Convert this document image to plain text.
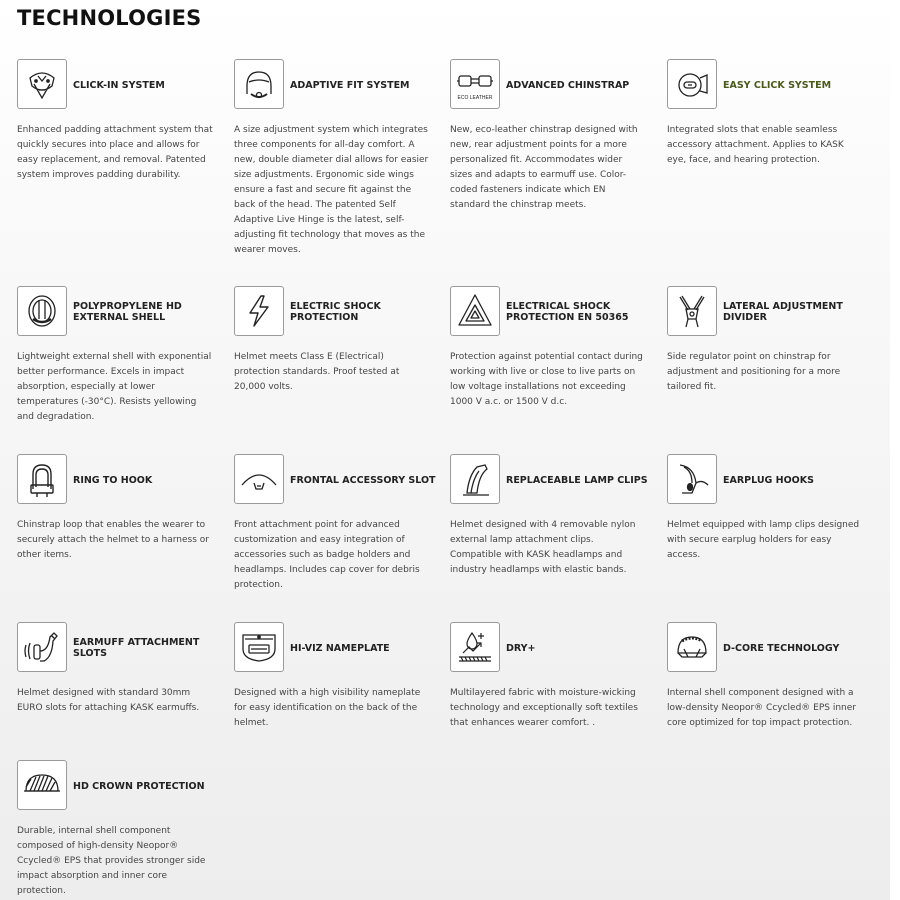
TECHNOLOGIES
CLICK-IN SYSTEM
Enhanced padding attachment system that quickly secures into place and allows for easy replacement, and removal. Patented system improves padding durability.
ADAPTIVE FIT SYSTEM
A size adjustment system which integrates three components for all-day comfort. A new, double diameter dial allows for easier size adjustments. Ergonomic side wings ensure a fast and secure fit against the back of the head. The patented Self Adaptive Live Hinge is the latest, self-adjusting fit technology that moves as the wearer moves.
ECO LEATHER
ADVANCED CHINSTRAP
New, eco-leather chinstrap designed with new, rear adjustment points for a more personalized fit. Accommodates wider sizes and adapts to earmuff use. Color-coded fasteners indicate which EN standard the chinstrap meets.
EASY CLICK SYSTEM
Integrated slots that enable seamless accessory attachment. Applies to KASK eye, face, and hearing protection.
POLYPROPYLENE HD EXTERNAL SHELL
Lightweight external shell with exponential better performance. Excels in impact absorption, especially at lower temperatures (-30°C). Resists yellowing and degradation.
ELECTRIC SHOCK PROTECTION
Helmet meets Class E (Electrical) protection standards. Proof tested at 20,000 volts.
ELECTRICAL SHOCK PROTECTION EN 50365
Protection against potential contact during working with live or close to live parts on low voltage installations not exceeding 1000 V a.c. or 1500 V d.c.
LATERAL ADJUSTMENT DIVIDER
Side regulator point on chinstrap for adjustment and positioning for a more tailored fit.
RING TO HOOK
Chinstrap loop that enables the wearer to securely attach the helmet to a harness or other items.
FRONTAL ACCESSORY SLOT
Front attachment point for advanced customization and easy integration of accessories such as badge holders and headlamps. Includes cap cover for debris protection.
REPLACEABLE LAMP CLIPS
Helmet designed with 4 removable nylon external lamp attachment clips. Compatible with KASK headlamps and industry headlamps with elastic bands.
EARPLUG HOOKS
Helmet equipped with lamp clips designed with secure earplug holders for easy access.
EARMUFF ATTACHMENT SLOTS
Helmet designed with standard 30mm EURO slots for attaching KASK earmuffs.
HI-VIZ NAMEPLATE
Designed with a high visibility nameplate for easy identification on the back of the helmet.
DRY+
Multilayered fabric with moisture-wicking technology and exceptionally soft textiles that enhances wearer comfort. .
D-CORE TECHNOLOGY
Internal shell component designed with a low-density Neopor® Ccycled® EPS inner core optimized for top impact protection.
HD CROWN PROTECTION
Durable, internal shell component composed of high-density Neopor® Ccycled® EPS that provides stronger side impact absorption and inner core protection.
